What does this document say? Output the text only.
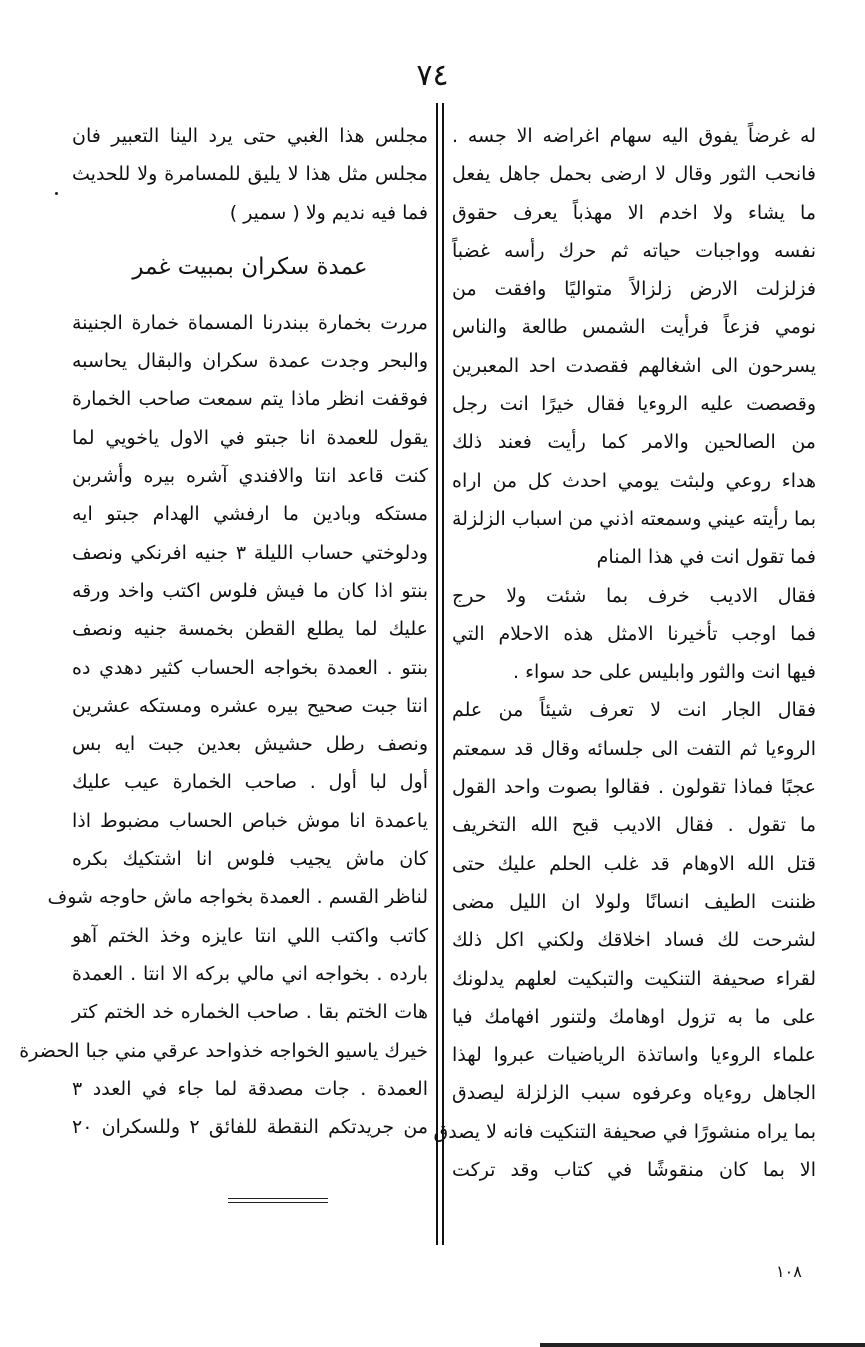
٧٤
له غرضاً يفوق اليه سهام اغراضه الا جسه .
فانحب الثور وقال لا ارضى بحمل جاهل يفعل
ما يشاء ولا اخدم الا مهذباً يعرف حقوق
نفسه وواجبات حياته ثم حرك رأسه غضباً
فزلزلت الارض زلزالاً متواليًا وافقت من
نومي فزعاً فرأيت الشمس طالعة والناس
يسرحون الى اشغالهم فقصدت احد المعبرين
وقصصت عليه الروءيا فقال خيرًا انت رجل
من الصالحين والامر كما رأيت فعند ذلك
هداء روعي ولبثت يومي احدث كل من اراه
بما رأيته عيني وسمعته اذني من اسباب الزلزلة
فما تقول انت في هذا المنام
فقال الاديب خرف بما شئت ولا حرج
فما اوجب تأخيرنا الامثل هذه الاحلام التي
فيها انت والثور وابليس على حد سواء .
فقال الجار انت لا تعرف شيئاً من علم
الروءيا ثم التفت الى جلسائه وقال قد سمعتم
عجبًا فماذا تقولون . فقالوا بصوت واحد القول
ما تقول . فقال الاديب قبح الله التخريف
قتل الله الاوهام قد غلب الحلم عليك حتى
ظننت الطيف انسانًا ولولا ان الليل مضى
لشرحت لك فساد اخلاقك ولكني اكل ذلك
لقراء صحيفة التنكيت والتبكيت لعلهم يدلونك
على ما به تزول اوهامك ولتنور افهامك فيا
علماء الروءيا واساتذة الرياضيات عبروا لهذا
الجاهل روءياه وعرفوه سبب الزلزلة ليصدق
بما يراه منشورًا في صحيفة التنكيت فانه لا يصدق
الا بما كان منقوشًا في كتاب وقد تركت
مجلس هذا الغبي حتى يرد الينا التعبير فان
مجلس مثل هذا لا يليق للمسامرة ولا للحديث
فما فيه نديم ولا ( سمير )
عمدة سكران بمبيت غمر
مررت بخمارة ببندرنا المسماة خمارة الجنينة
والبحر وجدت عمدة سكران والبقال يحاسبه
فوقفت انظر ماذا يتم سمعت صاحب الخمارة
يقول للعمدة انا جبتو في الاول ياخويي لما
كنت قاعد انتا والافندي آشره بيره وأشربن
مستكه وبادين ما ارفشي الهدام جبتو ايه
ودلوختي حساب الليلة ٣ جنيه افرنكي ونصف
بنتو اذا كان ما فيش فلوس اكتب واخد ورقه
عليك لما يطلع القطن بخمسة جنيه ونصف
بنتو . العمدة بخواجه الحساب كثير دهدي ده
انتا جبت صحيح بيره عشره ومستكه عشرين
ونصف رطل حشيش بعدين جبت ايه بس
أول لبا أول . صاحب الخمارة عيب عليك
ياعمدة انا موش خباص الحساب مضبوط اذا
كان ماش يجيب فلوس انا اشتكيك بكره
لناظر القسم . العمدة بخواجه ماش حاوجه شوف
كاتب واكتب اللي انتا عايزه وخذ الختم آهو
بارده . بخواجه اني مالي بركه الا انتا . العمدة
هات الختم بقا . صاحب الخماره خد الختم كتر
خيرك ياسيو الخواجه خذواحد عرقي مني جبا الحضرة
العمدة . جات مصدقة لما جاء في العدد ٣
من جريدتكم النقطة للفائق ٢ وللسكران ٢٠
١٠٨
